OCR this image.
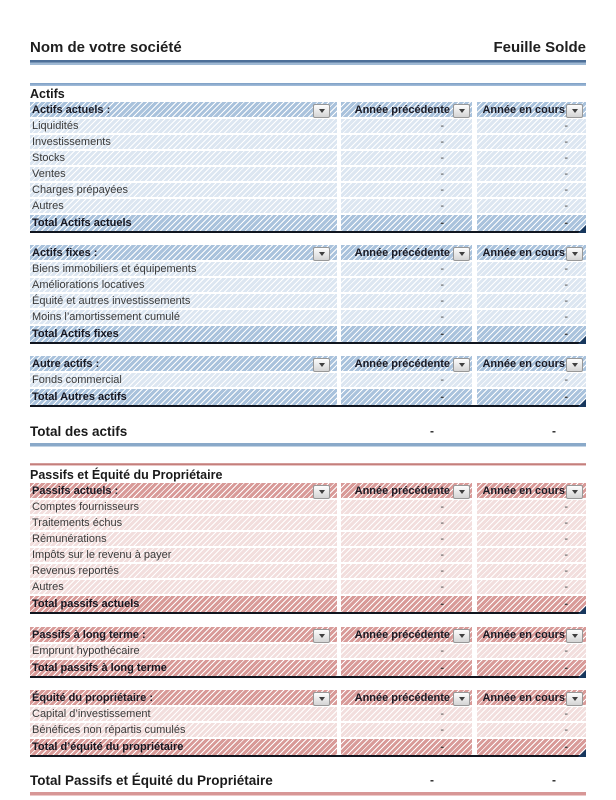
Nom de votre société	Feuille Solde
Actifs
Actifs actuels :	Année précédente	Année en cours
Liquidités	-	-
Investissements	-	-
Stocks	-	-
Ventes	-	-
Charges prépayées	-	-
Autres	-	-
Total Actifs actuels	-	-
Actifs fixes :	Année précédente	Année en cours
Biens immobiliers et équipements	-	-
Améliorations locatives	-	-
Équité et autres investissements	-	-
Moins l’amortissement cumulé	-	-
Total Actifs fixes	-	-
Autre actifs :	Année précédente	Année en cours
Fonds commercial	-	-
Total Autres actifs	-	-
Total des actifs	-	-
Passifs et Équité du Propriétaire
Passifs actuels :	Année précédente	Année en cours
Comptes fournisseurs	-	-
Traitements échus	-	-
Rémunérations	-	-
Impôts sur le revenu à payer	-	-
Revenus reportés	-	-
Autres	-	-
Total passifs actuels	-	-
Passifs à long terme :	Année précédente	Année en cours
Emprunt hypothécaire	-	-
Total passifs à long terme	-	-
Équité du propriétaire :	Année précédente	Année en cours
Capital d’investissement	-	-
Bénéfices non répartis cumulés	-	-
Total d’équité du propriétaire	-	-
Total Passifs et Équité du Propriétaire	-	-
